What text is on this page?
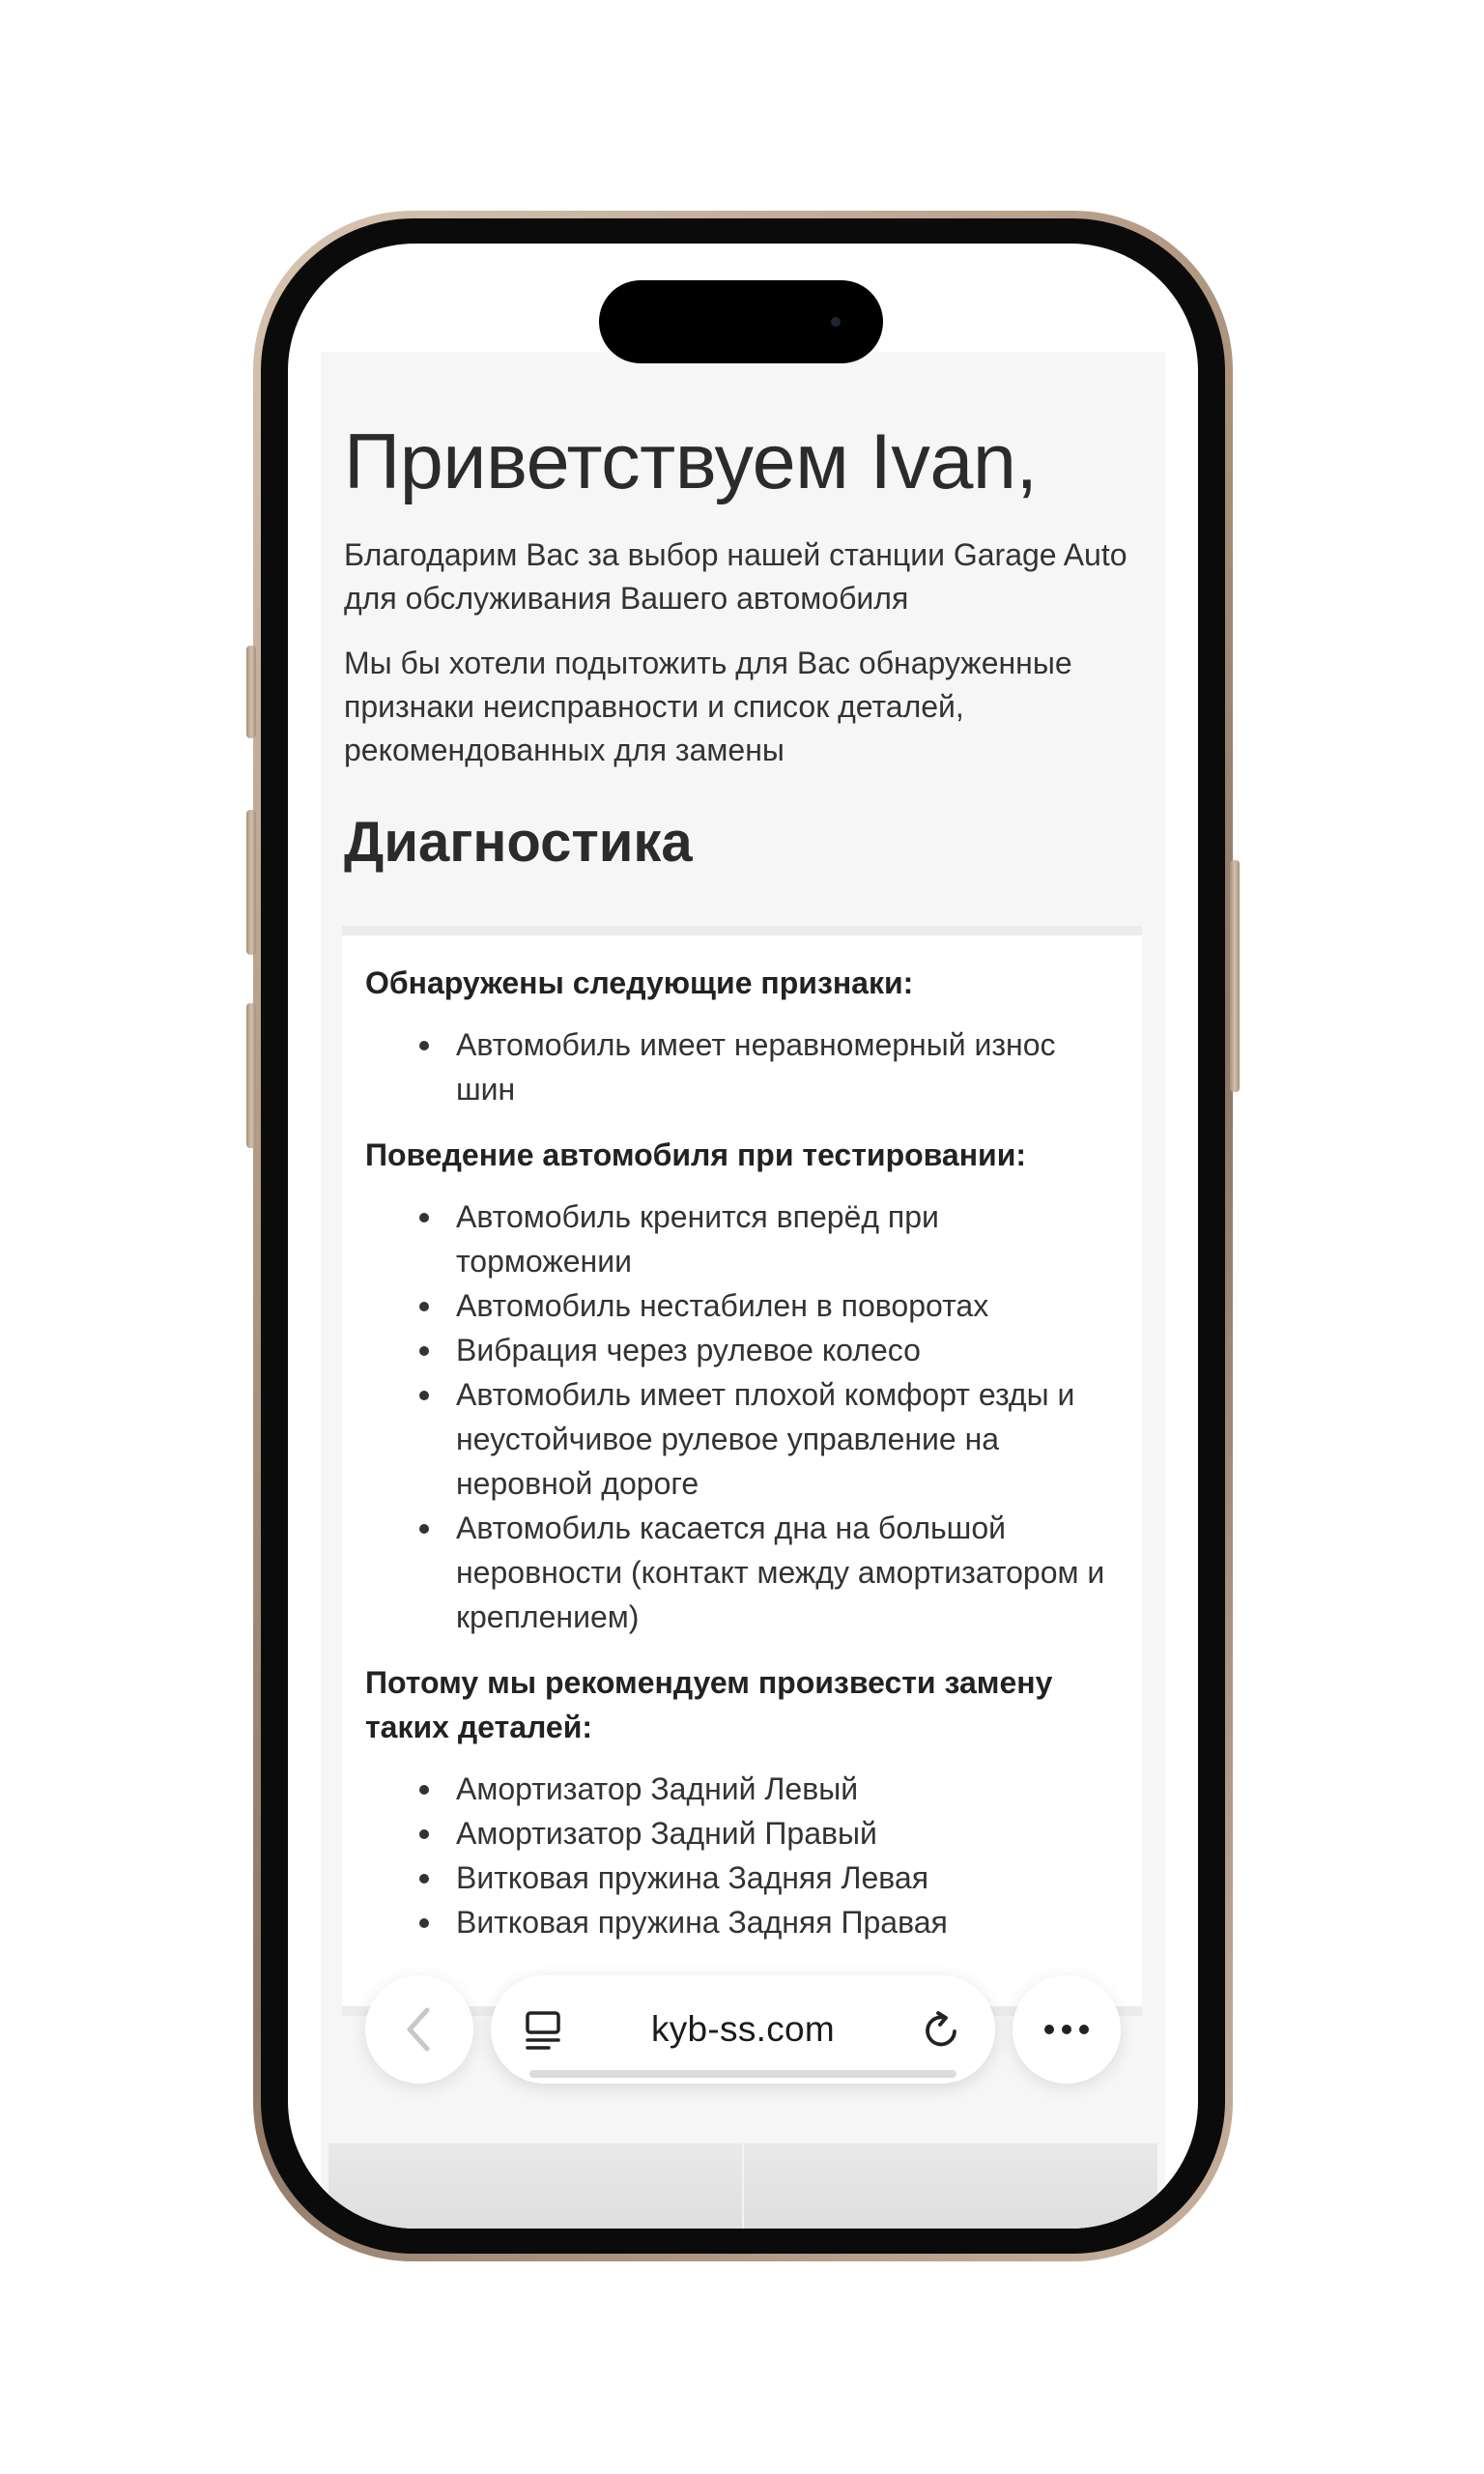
Приветствуем Ivan,

Благодарим Вас за выбор нашей станции Garage Auto для обслуживания Вашего автомобиля

Мы бы хотели подытожить для Вас обнаруженные признаки неисправности и список деталей, рекомендованных для замены

Диагностика

Обнаружены следующие признаки:

Автомобиль имеет неравномерный износ шин

Поведение автомобиля при тестировании:

Автомобиль кренится вперёд при торможении
Автомобиль нестабилен в поворотах
Вибрация через рулевое колесо
Автомобиль имеет плохой комфорт езды и неустойчивое рулевое управление на неровной дороге
Автомобиль касается дна на большой неровности (контакт между амортизатором и креплением)

Потому мы рекомендуем произвести замену таких деталей:

Амортизатор Задний Левый
Амортизатор Задний Правый
Витковая пружина Задняя Левая
Витковая пружина Задняя Правая
kyb-ss.com
